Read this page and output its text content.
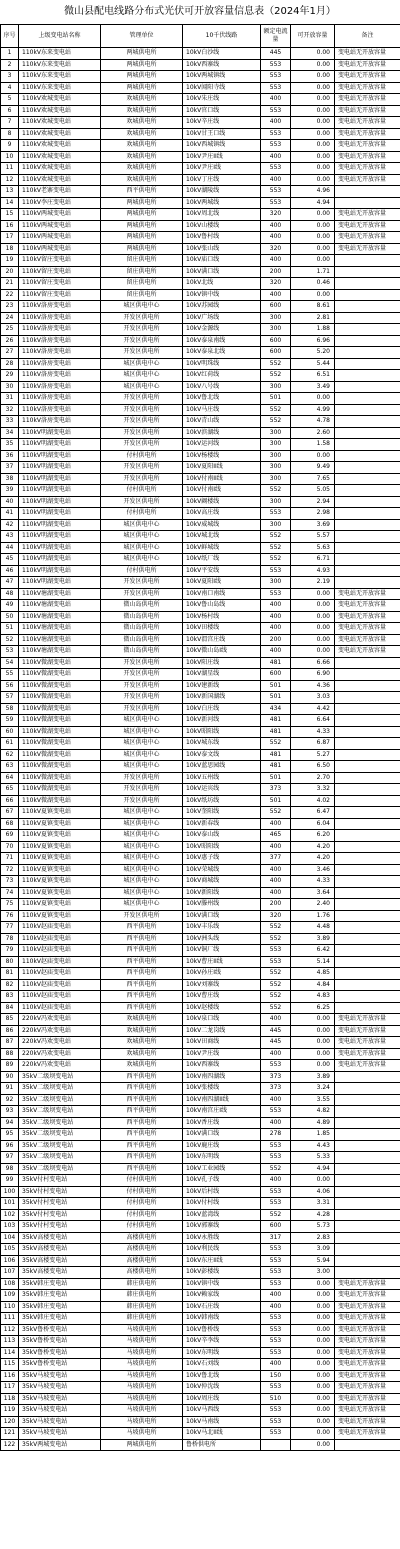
微山县配电线路分布式光伏可开放容量信息表（2024年1月）
序号	上级变电站名称	管理单位	10千伏线路	额定电流量	可开放容量	备注
1	110kV东来变电站	两城供电所	10kV白沙线	445	0.00	变电站无开放容量
2	110kV东来变电站	两城供电所	10kV西寨线	553	0.00	变电站无开放容量
3	110kV东来变电站	两城供电所	10kV两城镇线	553	0.00	变电站无开放容量
4	110kV东来变电站	两城供电所	10kV闻阳寺线	553	0.00	变电站无开放容量
5	110kV欢城变电站	欢城供电所	10kV朱庄线	400	0.00	变电站无开放容量
6	110kV欢城变电站	欢城供电所	10kV官口线	553	0.00	变电站无开放容量
7	110kV欢城变电站	欢城供电所	10kV辛庄线	400	0.00	变电站无开放容量
8	110kV欢城变电站	欢城供电所	10kV甘王口线	553	0.00	变电站无开放容量
9	110kV欢城变电站	欢城供电所	10kV西城镇线	553	0.00	变电站无开放容量
10	110kV欢城变电站	欢城供电所	10kV尹庄II线	400	0.00	变电站无开放容量
11	110kV欢城变电站	欢城供电所	10kV尹庄I线	553	0.00	变电站无开放容量
12	110kV欢城变电站	欢城供电所	10kV丁庄线	400	0.00	变电站无开放容量
13	110kV老寨变电站	西平供电所	10kV湖陵线	553	4.96	
14	110kV李庄变电站	两城供电所	10kV两城线	553	4.94	
15	110kV两城变电站	两城供电所	10kV周北线	320	0.00	变电站无开放容量
16	110kV两城变电站	两城供电所	10kV山楼线	400	0.00	变电站无开放容量
17	110kV两城变电站	两城供电所	10kV鲁村线	400	0.00	变电站无开放容量
18	110kV两城变电站	两城供电所	10kV张山线	320	0.00	变电站无开放容量
19	110kV留庄变电站	留庄供电所	10kV庙口线	400	0.00	
20	110kV留庄变电站	留庄供电所	10kV满口线	200	1.71	
21	110kV留庄变电站	留庄供电所	10kV北线	320	0.46	
22	110kV留庄变电站	留庄供电所	10kV镇中线	400	0.00	
23	110kV洛房变电站	城区供电中心	10kV苏园线	600	8.61	
24	110kV洛房变电站	开发区供电所	10kV广场线	300	2.81	
25	110kV洛房变电站	开发区供电所	10kV金源线	300	1.88	
26	110kV洛房变电站	开发区供电所	10kV泰泉南线	600	6.96	
27	110kV洛房变电站	开发区供电所	10kV泰泉北线	600	5.20	
28	110kV洛房变电站	城区供电中心	10kV明珠线	552	5.44	
29	110kV洛房变电站	城区供电中心	10kV红荷线	552	6.51	
30	110kV洛房变电站	城区供电中心	10kV八号线	300	3.49	
31	110kV洛房变电站	开发区供电所	10kV鲁北线	501	0.00	
32	110kV洛房变电站	开发区供电所	10kV马庄线	552	4.99	
33	110kV洛房变电站	开发区供电所	10kV青山线	552	4.78	
34	110kV明湖变电站	开发区供电所	10kV滨湖线	300	2.60	
35	110kV明湖变电站	开发区供电所	10kV运河线	300	1.58	
36	110kV明湖变电站	付村供电所	10kV杨楼线	300	0.00	
37	110kV明湖变电站	开发区供电所	10kV夏阳II线	300	9.49	
38	110kV明湖变电站	开发区供电所	10kV付南II线	300	7.65	
39	110kV明湖变电站	付村供电所	10kV付南I线	552	5.05	
40	110kV明湖变电站	开发区供电所	10kV阚楼线	300	2.94	
41	110kV明湖变电站	付村供电所	10kV高庄线	553	2.98	
42	110kV明湖变电站	城区供电中心	10kV威城线	300	3.69	
43	110kV明湖变电站	城区供电中心	10kV城北线	552	5.57	
44	110kV明湖变电站	城区供电中心	10kV鲜城线	552	5.63	
45	110kV明湖变电站	城区供电中心	10kV纸厂线	552	6.71	
46	110kV明湖变电站	付村供电所	10kV平安线	553	4.93	
47	110kV明湖变电站	开发区供电所	10kV夏阳I线	300	2.19	
48	110kV塘湖变电站	开发区供电所	10kV南口南线	553	0.00	变电站无开放容量
49	110kV塘湖变电站	微山岛供电所	10kV鲁山岛线	400	0.00	变电站无开放容量
50	110kV塘湖变电站	微山岛供电所	10kV杨村线	400	0.00	变电站无开放容量
51	110kV塘湖变电站	微山岛供电所	10kV田楼线	400	0.00	变电站无开放容量
52	110kV塘湖变电站	微山岛供电所	10kV渭宫庄线	200	0.00	变电站无开放容量
53	110kV塘湖变电站	微山岛供电所	10kV微山岛I线	400	0.00	变电站无开放容量
54	110kV微湖变电站	开发区供电所	10kV阳庄线	481	6.66	
55	110kV微湖变电站	开发区供电所	10kV湖星线	600	6.90	
56	110kV微湖变电站	开发区供电所	10kV建新线	501	4.36	
57	110kV微湖变电站	开发区供电所	10kV新国湖线	501	3.03	
58	110kV微湖变电站	开发区供电所	10kV白庄线	434	4.42	
59	110kV微湖变电站	城区供电中心	10kV新河线	481	6.64	
60	110kV微湖变电站	城区供电中心	10kV昭阳线	481	4.33	
61	110kV微湖变电站	城区供电中心	10kV城东线	552	6.87	
62	110kV微湖变电站	城区供电中心	10kV泰文线	481	5.27	
63	110kV微湖变电站	城区供电中心	10kV蓝思园线	481	6.50	
64	110kV微湖变电站	开发区供电所	10kV五州线	501	2.70	
65	110kV微湖变电站	开发区供电所	10kV运宾线	373	3.32	
66	110kV微湖变电站	开发区供电所	10kV纸坊线	501	4.02	
67	110kV夏镇变电站	城区供电中心	10kV奎阳线	552	6.47	
68	110kV夏镇变电站	城区供电中心	10kV新春线	400	6.04	
69	110kV夏镇变电站	城区供电中心	10kV泰山线	465	6.20	
70	110kV夏镇变电站	城区供电中心	10kV昭阳线	400	4.20	
71	110kV夏镇变电站	城区供电中心	10kV惠子线	377	4.20	
72	110kV夏镇变电站	城区供电中心	10kV荣城线	400	3.46	
73	110kV夏镇变电站	城区供电中心	10kV商城线	400	4.33	
74	110kV夏镇变电站	城区供电中心	10kV新阳线	400	3.64	
75	110kV夏镇变电站	城区供电中心	10kV滕州线	200	2.40	
76	110kV夏镇变电站	开发区供电所	10kV满口线	320	1.76	
77	110kV赵庙变电站	西平供电所	10kV丰乐线	552	4.48	
78	110kV赵庙变电站	西平供电所	10kV洲头线	552	3.89	
79	110kV赵庙变电站	西平供电所	10kV铜厂线	553	6.42	
80	110kV赵庙变电站	西平供电所	10kV曹庄II线	553	5.14	
81	110kV赵庙变电站	西平供电所	10kV孙庄I线	552	4.85	
82	110kV赵庙变电站	西平供电所	10kV刘寨线	552	4.84	
83	110kV赵庙变电站	西平供电所	10kV曹庄线	552	4.83	
84	110kV赵庙变电站	西平供电所	10kV赵楼线	552	6.25	
85	220kV冯欢变电站	欢城供电所	10kV泉口线	400	0.00	变电站无开放容量
86	220kV冯欢变电站	欢城供电所	10kV二龙岗线	445	0.00	变电站无开放容量
87	220kV冯欢变电站	欢城供电所	10kV田商线	445	0.00	变电站无开放容量
88	220kV冯欢变电站	欢城供电所	10kV尹庄线	400	0.00	变电站无开放容量
89	220kV冯欢变电站	欢城供电所	10kV西寨线	553	0.00	变电站无开放容量
90	35kV二级坝变电站	西平供电所	10kV南四湖线	373	3.89	
91	35kV二级坝变电站	西平供电所	10kV张楼线	373	3.24	
92	35kV二级坝变电站	西平供电所	10kV南四湖II线	400	3.55	
93	35kV二级坝变电站	西平供电所	10kV南宫庄I线	553	4.82	
94	35kV二级坝变电站	西平供电所	10kV香庄线	400	4.89	
95	35kV二级坝变电站	西平供电所	10kV满口线	278	1.85	
96	35kV二级坝变电站	西平供电所	10kV鹿庄线	553	4.43	
97	35kV二级坝变电站	西平供电所	10kV东明线	553	5.33	
98	35kV二级坝变电站	西平供电所	10kV工业园线	552	4.94	
99	35kV付村变电站	付村供电所	10kV孔子线	400	0.00	
100	35kV付村变电站	付村供电所	10kV后村线	553	4.06	
101	35kV付村变电站	付村供电所	10kV付村线	553	3.31	
102	35kV付村变电站	付村供电所	10kV蓝湾线	552	4.28	
103	35kV付村变电站	付村供电所	10kV郭寨线	600	5.73	
104	35kV高楼变电站	高楼供电所	10kV永胜线	317	2.83	
105	35kV高楼变电站	高楼供电所	10kV利民线	553	3.09	
106	35kV高楼变电站	高楼供电所	10kV东庄II线	553	5.94	
107	35kV高楼变电站	高楼供电所	10kV彭楼线	553	3.00	
108	35kV韩庄变电站	韩庄供电所	10kV镇中线	553	0.00	变电站无开放容量
109	35kV韩庄变电站	韩庄供电所	10kV赖家线	400	0.00	变电站无开放容量
110	35kV韩庄变电站	韩庄供电所	10kV石庄线	400	0.00	变电站无开放容量
111	35kV韩庄变电站	韩庄供电所	10kV韩南线	553	0.00	变电站无开放容量
112	35kV鲁桥变电站	马坡供电所	10kV鲁桥线	553	0.00	变电站无开放容量
113	35kV鲁桥变电站	马坡供电所	10kV辛李线	553	0.00	变电站无开放容量
114	35kV鲁桥变电站	马坡供电所	10kV东明线	553	0.00	变电站无开放容量
115	35kV鲁桥变电站	马坡供电所	10kV石刘线	400	0.00	变电站无开放容量
116	35kV马坡变电站	马坡供电所	10kV鲁北线	150	0.00	变电站无开放容量
117	35kV马坡变电站	马坡供电所	10kV仲沈线	553	0.00	变电站无开放容量
118	35kV马坡变电站	马坡供电所	10kV周庄线	510	0.00	变电站无开放容量
119	35kV马坡变电站	马坡供电所	10kV马西线	553	0.00	变电站无开放容量
120	35kV马坡变电站	马坡供电所	10kV马南线	553	0.00	变电站无开放容量
121	35kV马坡变电站	马坡供电所	10kV马北II线	553	0.00	变电站无开放容量
122	35kV两城变电站	两城供电所	鲁桥供电所		0.00	
